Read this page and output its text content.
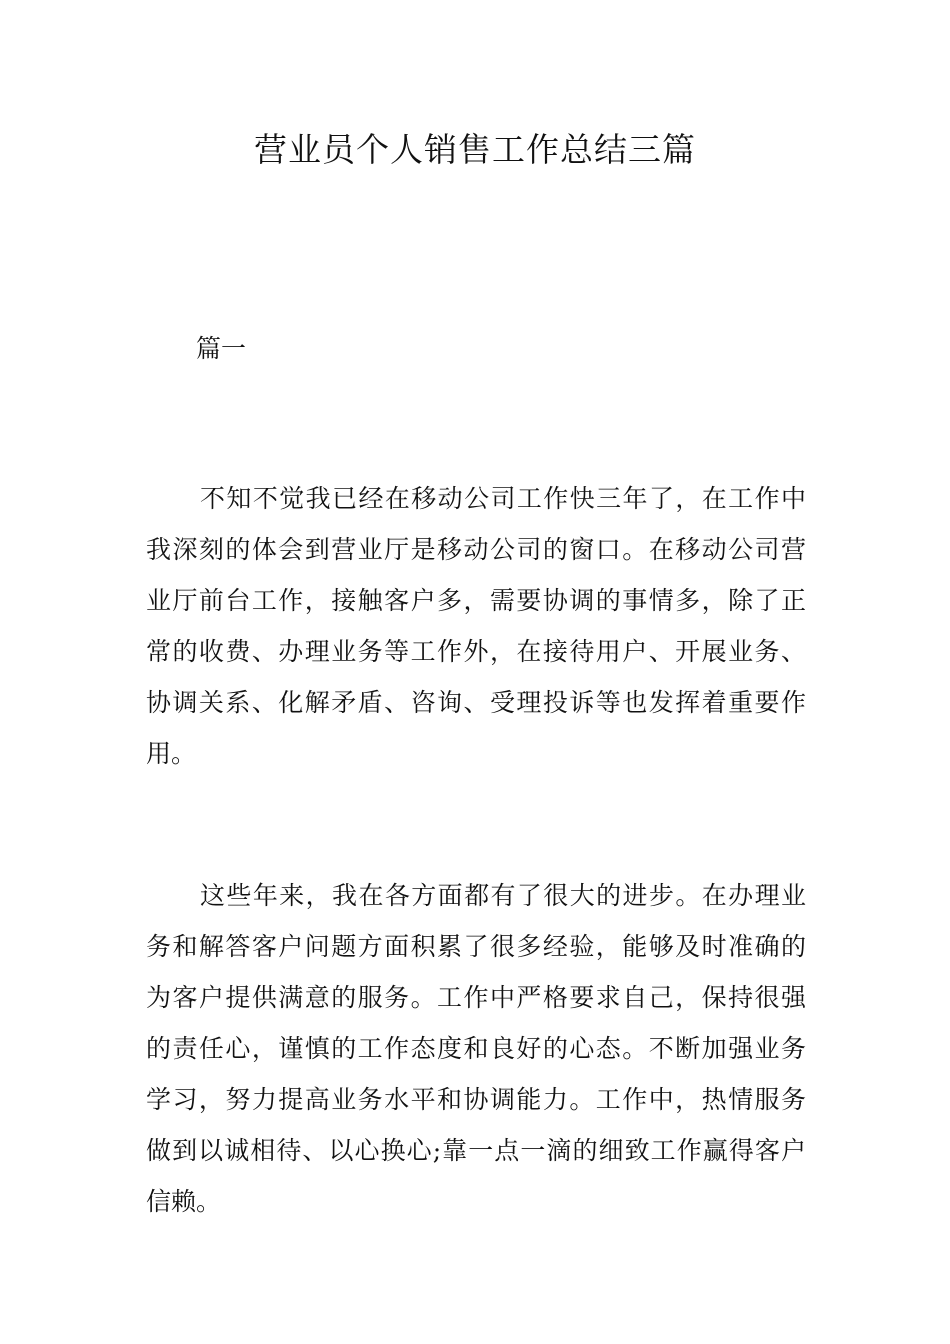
营业员个人销售工作总结三篇
篇一
不知不觉我已经在移动公司工作快三年了，在工作中
我深刻的体会到营业厅是移动公司的窗口。在移动公司营
业厅前台工作，接触客户多，需要协调的事情多，除了正
常的收费、办理业务等工作外，在接待用户、开展业务、
协调关系、化解矛盾、咨询、受理投诉等也发挥着重要作
用。
这些年来，我在各方面都有了很大的进步。在办理业
务和解答客户问题方面积累了很多经验，能够及时准确的
为客户提供满意的服务。工作中严格要求自己，保持很强
的责任心，谨慎的工作态度和良好的心态。不断加强业务
学习，努力提高业务水平和协调能力。工作中，热情服务
做到以诚相待、以心换心;靠一点一滴的细致工作赢得客户
信赖。
